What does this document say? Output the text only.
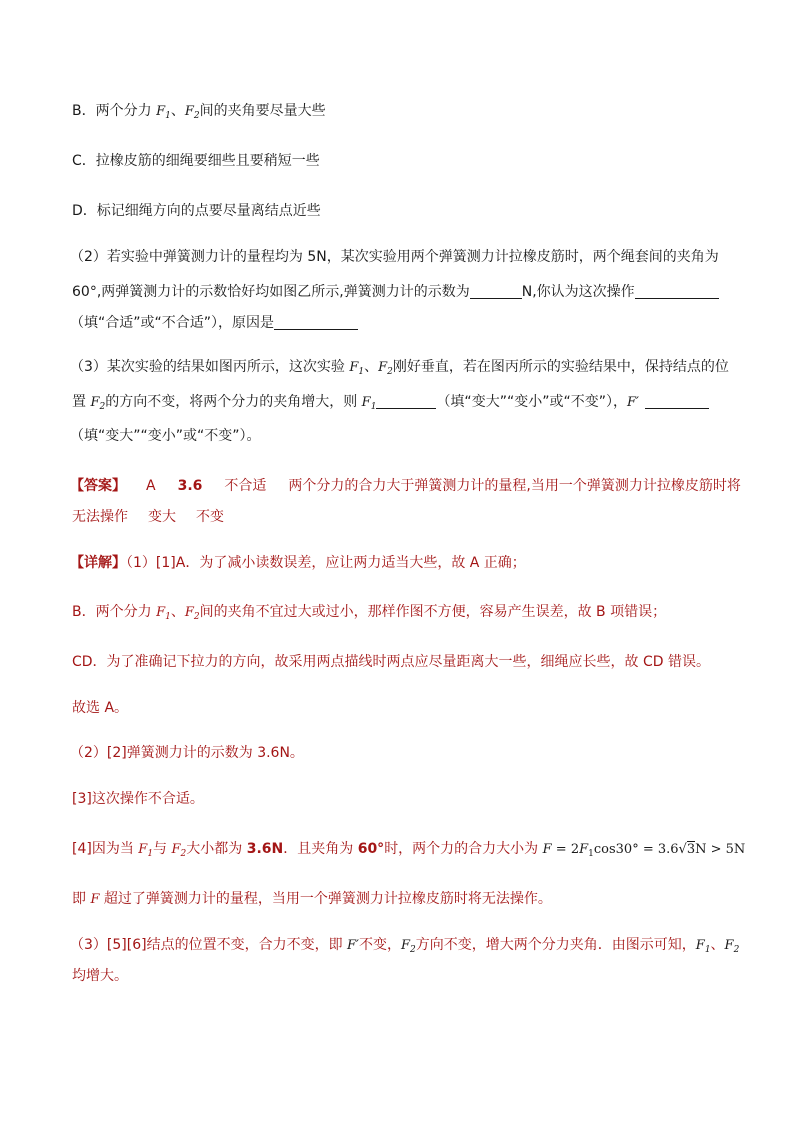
B．两个分力 $F_1$、$F_2$间的夹角要尽量大些
C．拉橡皮筋的细绳要细些且要稍短一些
D．标记细绳方向的点要尽量离结点近些
（2）若实验中弹簧测力计的量程均为 5N，某次实验用两个弹簧测力计拉橡皮筋时，两个绳套间的夹角为
60°,两弹簧测力计的示数恰好均如图乙所示,弹簧测力计的示数为	N,你认为这次操作
（填“合适”或“不合适”），原因是
（3）某次实验的结果如图丙所示，这次实验 $F_1$、$F_2$刚好垂直，若在图丙所示的实验结果中，保持结点的位
置 $F_2$的方向不变，将两个分力的夹角增大，则 $F_1$	（填“变大”“变小”或“不变”），F′
（填“变大”“变小”或“不变”）。
【答案】 A 3.6 不合适 两个分力的合力大于弹簧测力计的量程,当用一个弹簧测力计拉橡皮筋时将
无法操作 变大 不变
【详解】（1）[1]A．为了减小读数误差，应让两力适当大些，故 A 正确；
B．两个分力 $F_1$、$F_2$间的夹角不宜过大或过小，那样作图不方便，容易产生误差，故 B 项错误；
CD．为了准确记下拉力的方向，故采用两点描线时两点应尽量距离大一些，细绳应长些，故 CD 错误。
故选 A。
（2）[2]弹簧测力计的示数为 3.6N。
[3]这次操作不合适。
[4]因为当 $F_1$与 $F_2$大小都为 3.6N．且夹角为 60°时，两个力的合力大小为 $F = 2F_1\cos 30^\circ = 3.6√3N > 5N$
即 F 超过了弹簧测力计的量程，当用一个弹簧测力计拉橡皮筋时将无法操作。
（3）[5][6]结点的位置不变，合力不变，即 F′不变，$F_2$方向不变，增大两个分力夹角．由图示可知，$F_1$、$F_2$
均增大。
